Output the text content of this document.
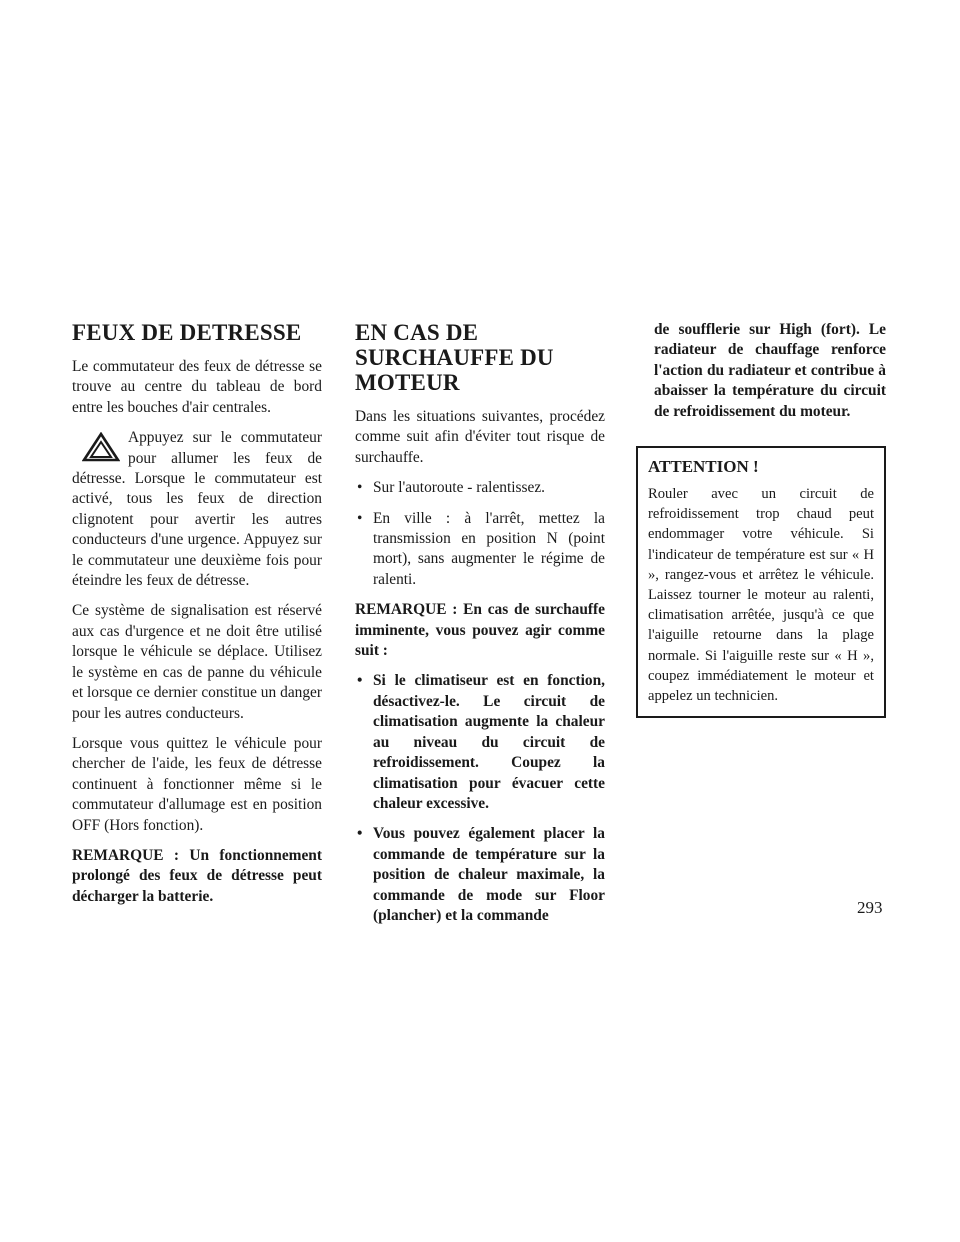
FEUX DE DETRESSE

Le commutateur des feux de détresse se trouve au centre du tableau de bord entre les bouches d'air centrales.

Appuyez sur le commutateur pour allumer les feux de détresse. Lorsque le commutateur est activé, tous les feux de direction clignotent pour avertir les autres conducteurs d'une urgence. Appuyez sur le commutateur une deuxième fois pour éteindre les feux de détresse.

Ce système de signalisation est réservé aux cas d'urgence et ne doit être utilisé lorsque le véhicule se déplace. Utilisez le système en cas de panne du véhicule et lorsque ce dernier constitue un danger pour les autres conducteurs.

Lorsque vous quittez le véhicule pour chercher de l'aide, les feux de détresse continuent à fonctionner même si le commutateur d'allumage est en position OFF (Hors fonction).

REMARQUE : Un fonctionnement prolongé des feux de détresse peut décharger la batterie.

EN CAS DE SURCHAUFFE DU MOTEUR

Dans les situations suivantes, procédez comme suit afin d'éviter tout risque de surchauffe.

• Sur l'autoroute - ralentissez.
• En ville : à l'arrêt, mettez la transmission en position N (point mort), sans augmenter le régime de ralenti.

REMARQUE : En cas de surchauffe imminente, vous pouvez agir comme suit :

• Si le climatiseur est en fonction, désactivez-le. Le circuit de climatisation augmente la chaleur au niveau du circuit de refroidissement. Coupez la climatisation pour évacuer cette chaleur excessive.
• Vous pouvez également placer la commande de température sur la position de chaleur maximale, la commande de mode sur Floor (plancher) et la commande
de soufflerie sur High (fort). Le radiateur de chauffage renforce l'action du radiateur et contribue à abaisser la température du circuit de refroidissement du moteur.
ATTENTION !

Rouler avec un circuit de refroidissement trop chaud peut endommager votre véhicule. Si l'indicateur de température est sur « H », rangez-vous et arrêtez le véhicule. Laissez tourner le moteur au ralenti, climatisation arrêtée, jusqu'à ce que l'aiguille retourne dans la plage normale. Si l'aiguille reste sur « H », coupez immédiatement le moteur et appelez un technicien.

293
